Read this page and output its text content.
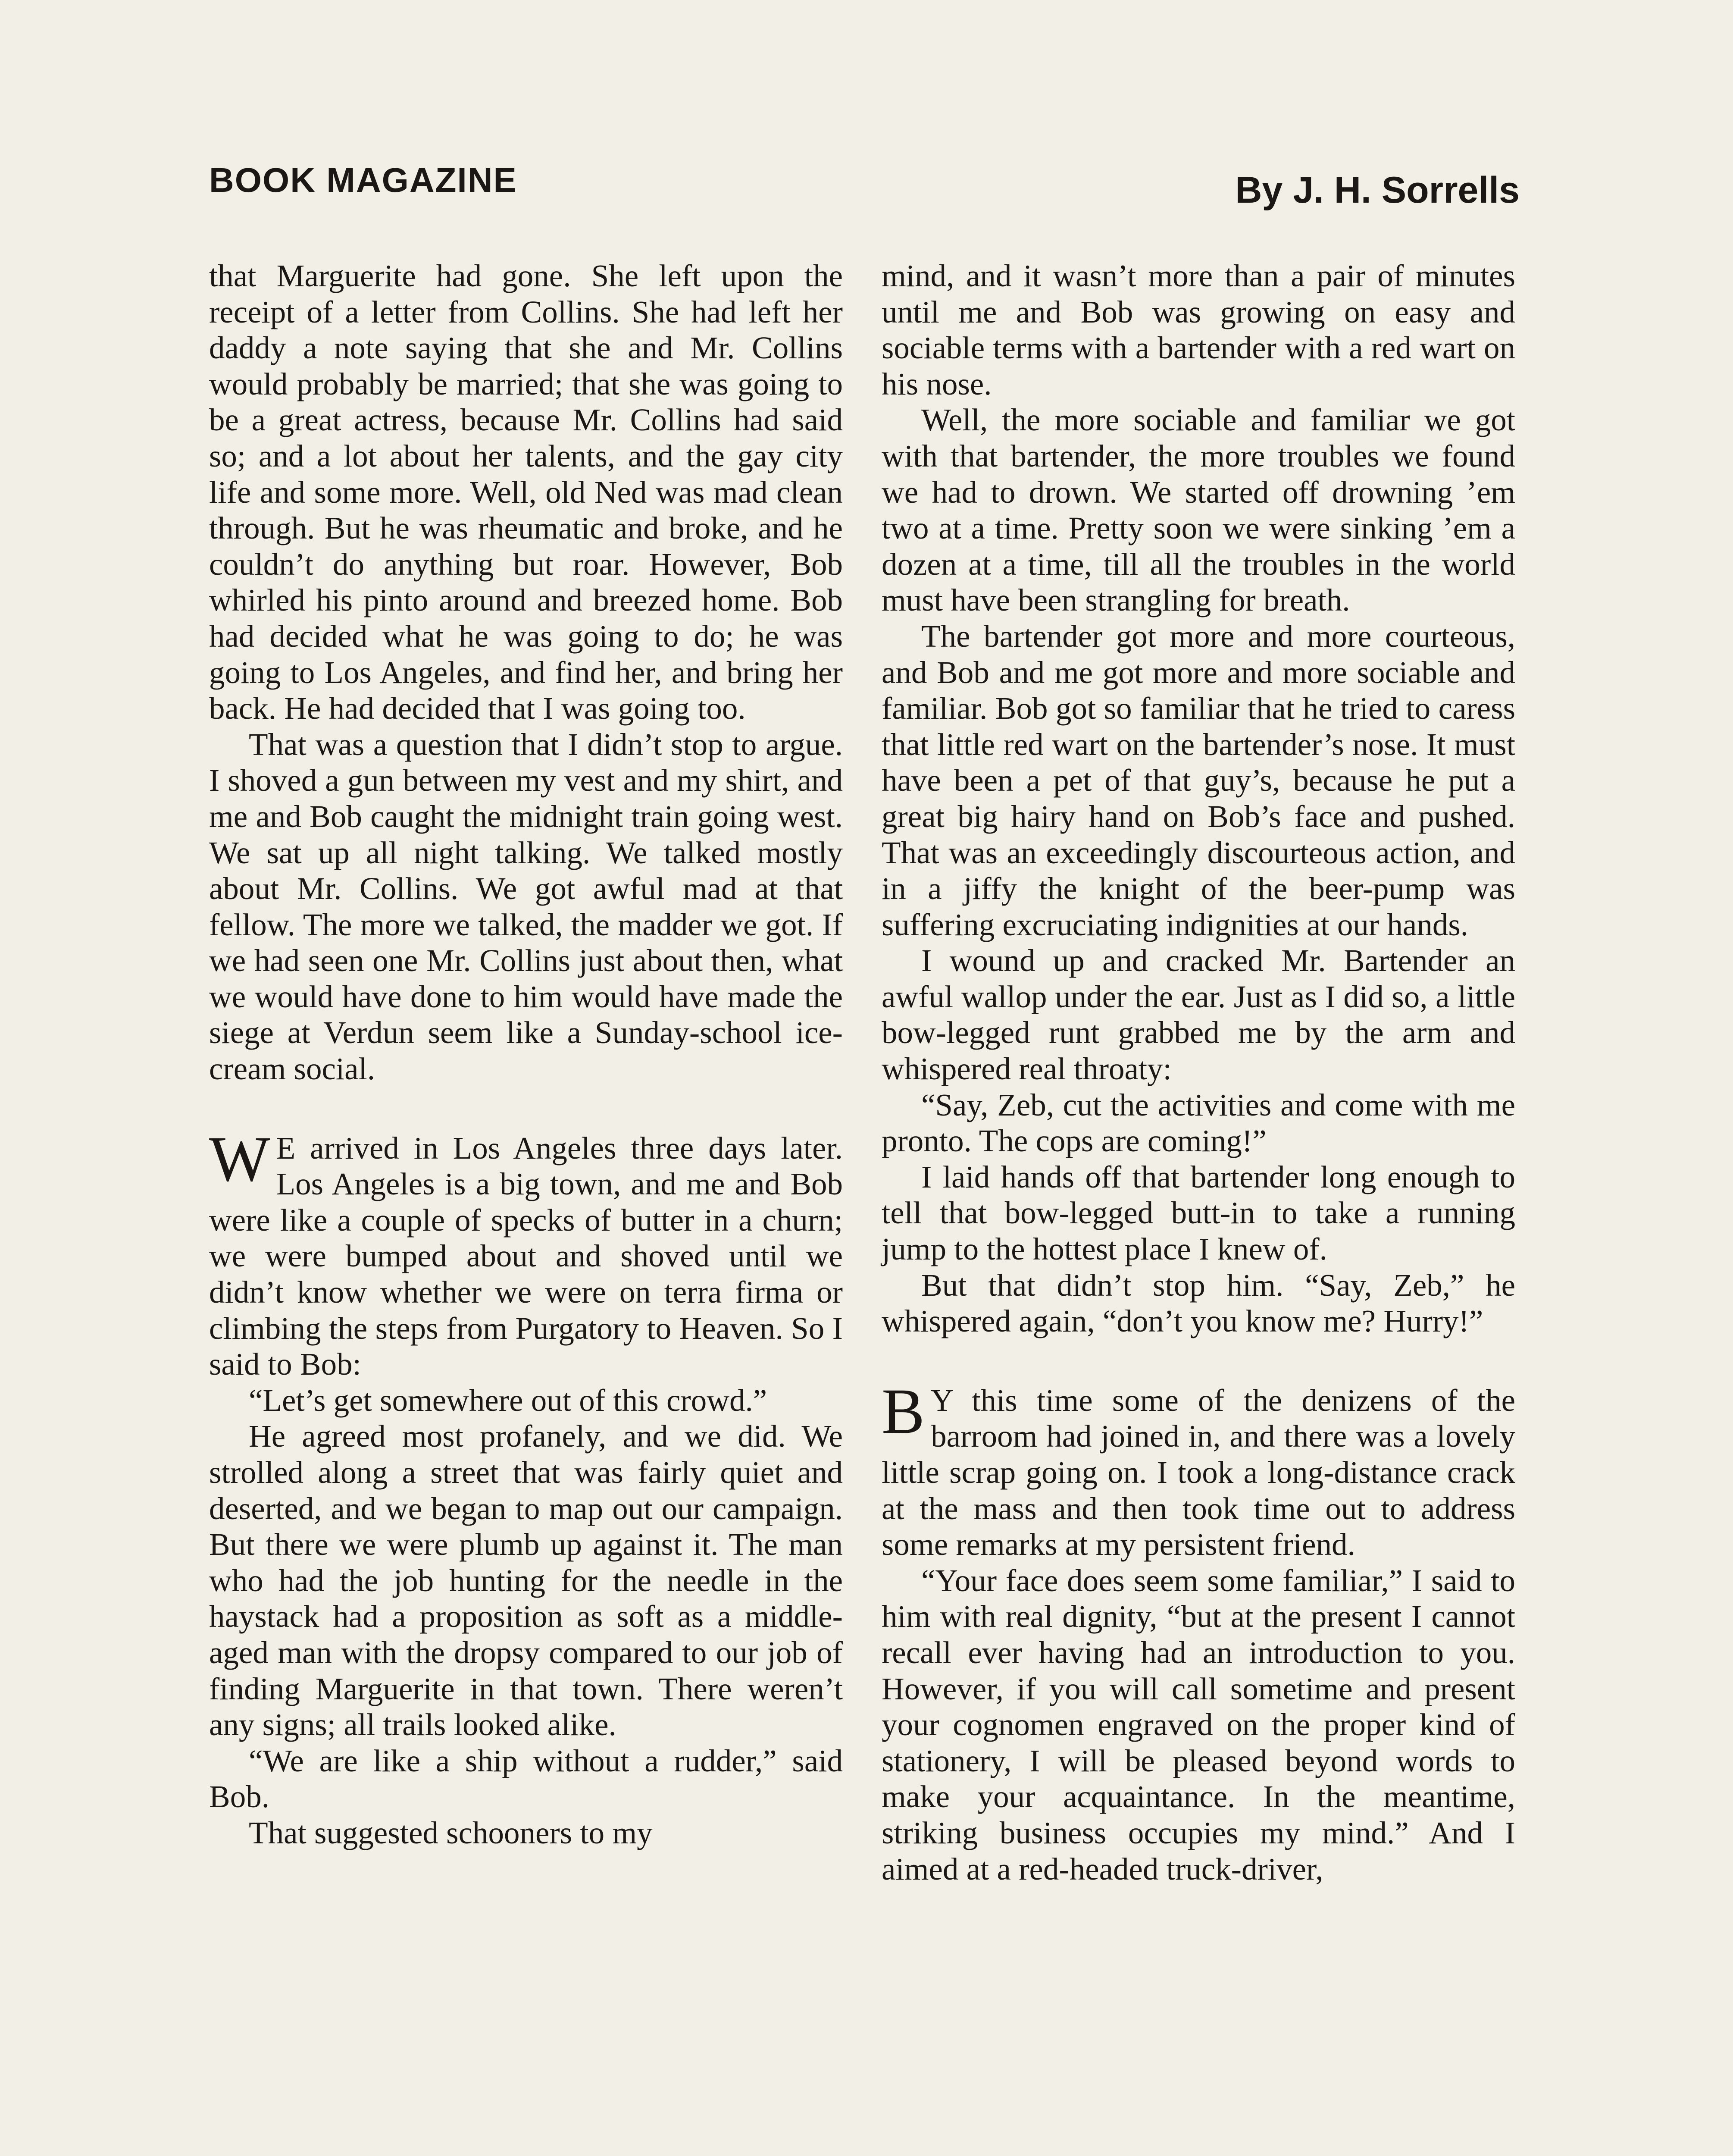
BOOK MAGAZINE	By J. H. Sorrells

that Marguerite had gone. She left upon the receipt of a letter from Collins. She had left her daddy a note saying that she and Mr. Collins would probably be married; that she was going to be a great actress, because Mr. Collins had said so; and a lot about her talents, and the gay city life and some more. Well, old Ned was mad clean through. But he was rheumatic and broke, and he couldn’t do anything but roar. However, Bob whirled his pinto around and breezed home. Bob had decided what he was going to do; he was going to Los Angeles, and find her, and bring her back. He had decided that I was going too.

That was a question that I didn’t stop to argue. I shoved a gun between my vest and my shirt, and me and Bob caught the midnight train going west. We sat up all night talking. We talked mostly about Mr. Collins. We got awful mad at that fellow. The more we talked, the madder we got. If we had seen one Mr. Collins just about then, what we would have done to him would have made the siege at Verdun seem like a Sunday-school ice-cream social.

W E arrived in Los Angeles three days later. Los Angeles is a big town, and me and Bob were like a couple of specks of butter in a churn; we were bumped about and shoved until we didn’t know whether we were on terra firma or climbing the steps from Purgatory to Heaven. So I said to Bob:

“Let’s get somewhere out of this crowd.”

He agreed most profanely, and we did. We strolled along a street that was fairly quiet and deserted, and we began to map out our campaign. But there we were plumb up against it. The man who had the job hunting for the needle in the haystack had a proposition as soft as a middle-aged man with the dropsy compared to our job of finding Marguerite in that town. There weren’t any signs; all trails looked alike.

“We are like a ship without a rudder,” said Bob.

That suggested schooners to my

mind, and it wasn’t more than a pair of minutes until me and Bob was growing on easy and sociable terms with a bartender with a red wart on his nose.

Well, the more sociable and familiar we got with that bartender, the more troubles we found we had to drown. We started off drowning ’em two at a time. Pretty soon we were sinking ’em a dozen at a time, till all the troubles in the world must have been strangling for breath.

The bartender got more and more courteous, and Bob and me got more and more sociable and familiar. Bob got so familiar that he tried to caress that little red wart on the bartender’s nose. It must have been a pet of that guy’s, because he put a great big hairy hand on Bob’s face and pushed. That was an exceedingly discourteous action, and in a jiffy the knight of the beer-pump was suffering excruciating indignities at our hands.

I wound up and cracked Mr. Bartender an awful wallop under the ear. Just as I did so, a little bow-legged runt grabbed me by the arm and whispered real throaty:

“Say, Zeb, cut the activities and come with me pronto. The cops are coming!”

I laid hands off that bartender long enough to tell that bow-legged butt-in to take a running jump to the hottest place I knew of.

But that didn’t stop him. “Say, Zeb,” he whispered again, “don’t you know me? Hurry!”

B Y this time some of the denizens of the barroom had joined in, and there was a lovely little scrap going on. I took a long-distance crack at the mass and then took time out to address some remarks at my persistent friend.

“Your face does seem some familiar,” I said to him with real dignity, “but at the present I cannot recall ever having had an introduction to you. However, if you will call sometime and present your cognomen engraved on the proper kind of stationery, I will be pleased beyond words to make your acquaintance. In the meantime, striking business occupies my mind.” And I aimed at a red-headed truck-driver,
